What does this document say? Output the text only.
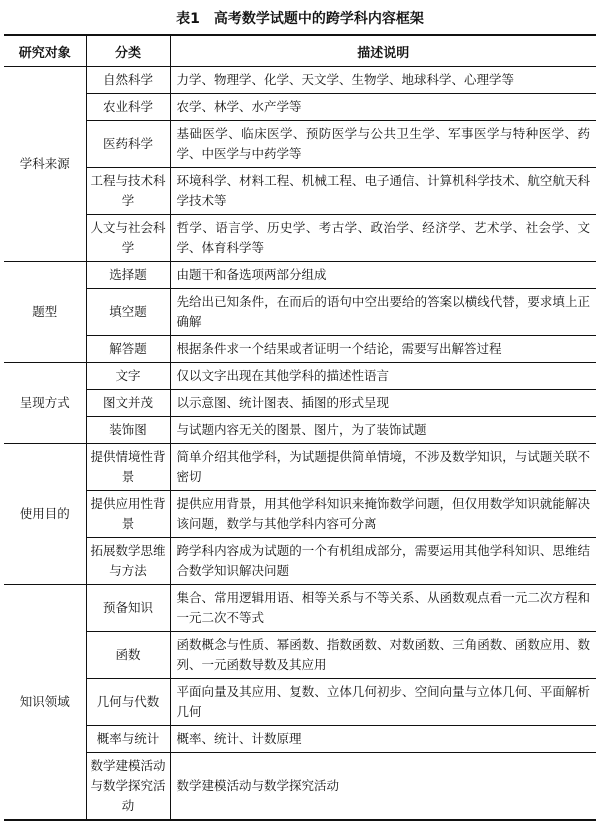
表1 高考数学试题中的跨学科内容框架
研究对象	分类	描述说明
学科来源	自然科学	力学、物理学、化学、天文学、生物学、地球科学、心理学等
	农业科学	农学、林学、水产学等
	医药科学	基础医学、临床医学、预防医学与公共卫生学、军事医学与特种医学、药学、中医学与中药学等
	工程与技术科学	环境科学、材料工程、机械工程、电子通信、计算机科学技术、航空航天科学技术等
	人文与社会科学	哲学、语言学、历史学、考古学、政治学、经济学、艺术学、社会学、文学、体育科学等
题型	选择题	由题干和备选项两部分组成
	填空题	先给出已知条件，在而后的语句中空出要给的答案以横线代替，要求填上正确解
	解答题	根据条件求一个结果或者证明一个结论，需要写出解答过程
呈现方式	文字	仅以文字出现在其他学科的描述性语言
	图文并茂	以示意图、统计图表、插图的形式呈现
	装饰图	与试题内容无关的图景、图片，为了装饰试题
使用目的	提供情境性背景	简单介绍其他学科，为试题提供简单情境，不涉及数学知识，与试题关联不密切
	提供应用性背景	提供应用背景，用其他学科知识来掩饰数学问题，但仅用数学知识就能解决该问题，数学与其他学科内容可分离
	拓展数学思维与方法	跨学科内容成为试题的一个有机组成部分，需要运用其他学科知识、思维结合数学知识解决问题
知识领域	预备知识	集合、常用逻辑用语、相等关系与不等关系、从函数观点看一元二次方程和一元二次不等式
	函数	函数概念与性质、幂函数、指数函数、对数函数、三角函数、函数应用、数列、一元函数导数及其应用
	几何与代数	平面向量及其应用、复数、立体几何初步、空间向量与立体几何、平面解析几何
	概率与统计	概率、统计、计数原理
	数学建模活动与数学探究活动	数学建模活动与数学探究活动
